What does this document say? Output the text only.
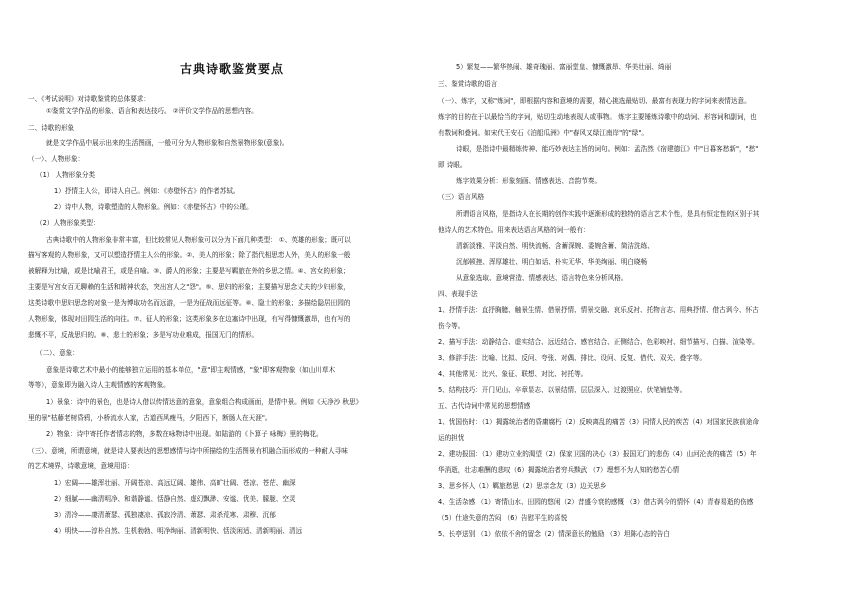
古典诗歌鉴赏要点
一、《考试说明》对诗歌鉴赏的总体要求：
①鉴赏文学作品的形象、语言和表达技巧。 ②评价文学作品的思想内容。
二、诗歌的形象
就是文学作品中展示出来的生活图画，一般可分为人物形象和自然景物形象(意象)。
（一）、人物形象：
（1） 人物形象分类
1）抒情主人公，即诗人自己。例如：《赤壁怀古》的作者苏轼。
2）诗中人物，诗歌塑造的人物形象。例如：《赤壁怀古》中的公瑾。
（2）人物形象类型：
古典诗歌中的人物形象非常丰富，但比较常见人物形象可以分为下面几种类型： ①、英雄的形象；既可以
描写客观的人物形象，又可以塑造抒情主人公的形象。②、美人的形象；除了指代相思恋人外，美人的形象一般
被解释为比喻，或是比喻君王，或是自喻。③、爵人的形象；主要是写羁旅在外的乡思之情。④、宫女的形象；
主要是写宫女百无聊赖的生活和精神状态，突出宫人之"怨"。⑤、思妇的形象；主要描写思念丈夫的少妇形象，
这类诗歌中思妇思念的对象一是为博取功名而远游，一是为征战而远征等。⑥、隐士的形象；多描绘隐居田园的
人物形象，体现对田园生活的向往。⑦、征人的形象；这类形象多在边塞诗中出现，有写得慷慨激昂，也有写的
悲慨不平，反战思归的。⑧、悲士的形象；多是写功业难成，报国无门的情形。
（二）、意象：
意象是诗歌艺术中最小的能够独立运用的基本单位，"意"即主观情感，"象"即客观物象（如山川草木
等等），意象即为融入诗人主观情感的客观物象。
1）景象：诗中的景色，也是诗人借以传情达意的意象，意象组合构成画面，是情中景。例如《天净沙 秋思》
里的景"枯藤老树昏鸦，小桥流水人家，古道西风瘦马，夕阳西下，断肠人在天涯"。
2）物象：诗中寄托作者情志的物，多数在咏物诗中出现。如陆游的《卜算子 咏梅》里的梅花。
（三）、意境，所谓意境，就是诗人要表达的思想感情与诗中所描绘的生活图景有机融合而形成的一种耐人寻味
的艺术境界，诗歌意境，意境用语：
1）宏阔——雄浑壮丽、开阔苍凉、高远辽阔、雄伟、高旷壮阔、苍凉、苍茫、幽深
2）细腻——幽清明净、和谐静谧、恬静自然、虚幻飘渺、安谧、优美、朦胧、空灵
3）清冷——凄清萧瑟、孤独凄凉、孤寂冷清、萧瑟、肃杀荒寒、肃穆、沉郁
4）明快——淳朴自然、生机勃勃、明净绚丽、清新明快、恬淡闲适、清新明丽、清远
5）繁复——繁华热闹、雄奇瑰丽、富丽堂皇、慷慨激昂、华美壮丽、绮丽
三、鉴赏诗歌的语言
（一）、炼字，又称"炼词"，即根据内容和意境的需要，精心挑选最贴切、最富有表现力的字词来表情达意。
炼字的目的在于以最恰当的字词，贴切生动地表现人或事物。 炼字主要锤炼诗歌中的动词、形容词和副词，也
有数词和叠词。如宋代王安石《泊船瓜洲》中"春风又绿江南岸"的"绿"。
诗眼，是指诗中最精练传神、能巧妙表达主旨的词句。例如：孟浩然《宿建德江》中"日暮客愁新"，"愁"
即 诗眼。
炼字效果分析：形象刻画、情感表达、音韵节奏。
（三）语言风格
所谓语言风格，是指诗人在长期的创作实践中逐渐形成的独特的语言艺术个性，是具有恒定性的区别于其
他诗人的艺术特色。用来表达语言风格的词一般有：
清新淡雅、平淡自然、明快流畅、含蓄深婉、委婉含蓄、简洁洗练、
沉郁顿挫、浑厚雄壮、明白如话、朴实无华、华美绚丽、明白晓畅
从意象选取、意境营造、情感表达、语言特色来分析风格。
四、表现手法
1、抒情手法：直抒胸臆、触景生情、借景抒情、情景交融、哀乐反衬、托物言志、用典抒情、借古讽今、怀古
伤今等。
2、描写手法：动静结合、虚实结合、远近结合、感官结合、正侧结合、色彩映衬、细节描写、白描、渲染等。
3、修辞手法：比喻、比拟、反问、夸张、对偶、排比、设问、反复、借代、双关、叠字等。
4、其他常见：比兴、象征、联想、对比、衬托等。
5、结构技巧：开门见山、卒章显志、以景结情、层层深入、过渡照应、伏笔铺垫等。
五、古代诗词中常见的思想情感
1、忧国伤时：（1）揭露统治者的昏庸腐朽（2）反映离乱的痛苦（3）同情人民的疾苦（4）对国家民族前途命
运的担忧
2、建功报国：（1）建功立业的渴望（2）保家卫国的决心（3）报国无门的悲伤（4）山河沦丧的痛苦（5）年
华消逝，壮志难酬的悲叹（6）揭露统治者穷兵黩武 （7）理想不为人知的愁苦心情
3、思乡怀人（1）羁旅愁思（2）思亲念友（3）边关思乡
4、生活杂感 （1）寄情山水、田园的悠闲（2）昔盛今衰的感慨 （3）借古讽今的情怀（4）青春易逝的伤感
（5）仕途失意的苦闷 （6）告慰平生的喜悦
5、长亭送别 （1）依依不舍的留念（2）情深意长的勉励 （3）坦陈心态的告白
